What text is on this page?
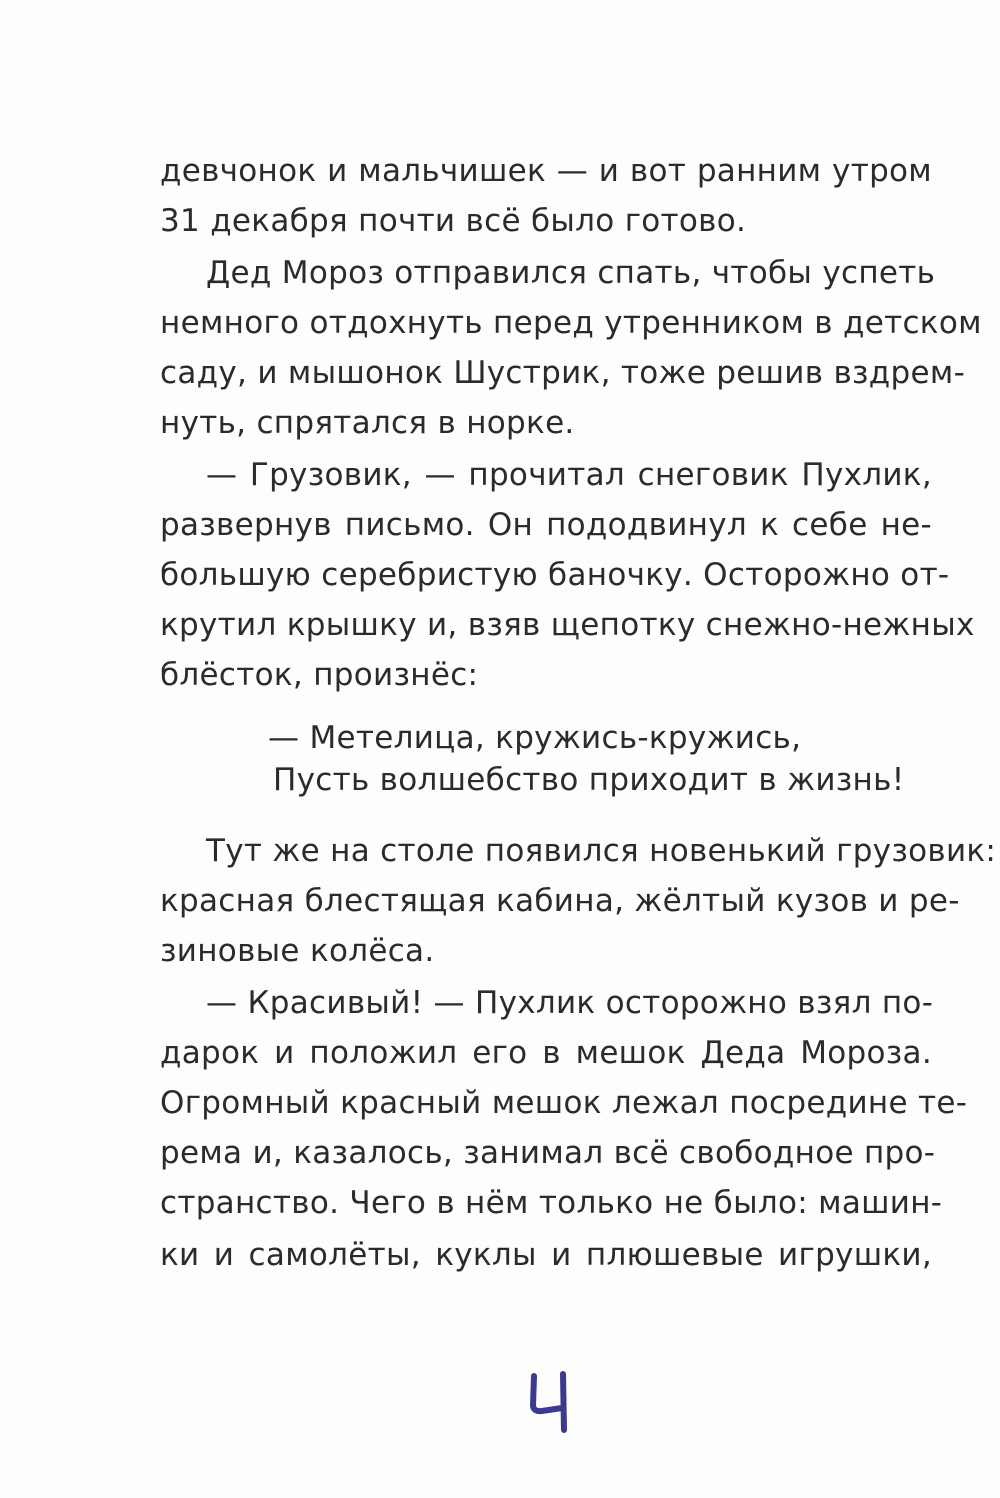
девчонок и мальчишек — и вот ранним утром
31 декабря почти всё было готово.
Дед Мороз отправился спать, чтобы успеть
немного отдохнуть перед утренником в детском
саду, и мышонок Шустрик, тоже решив вздрем-
нуть, спрятался в норке.
— Грузовик, — прочитал снеговик Пухлик,
развернув письмо. Он пододвинул к себе не-
большую серебристую баночку. Осторожно от-
крутил крышку и, взяв щепотку снежно-нежных
блёсток, произнёс:
— Метелица, кружись-кружись,
Пусть волшебство приходит в жизнь!
Тут же на столе появился новенький грузовик:
красная блестящая кабина, жёлтый кузов и ре-
зиновые колёса.
— Красивый! — Пухлик осторожно взял по-
дарок и положил его в мешок Деда Мороза.
Огромный красный мешок лежал посредине те-
рема и, казалось, занимал всё свободное про-
странство. Чего в нём только не было: машин-
ки и самолёты, куклы и плюшевые игрушки,
